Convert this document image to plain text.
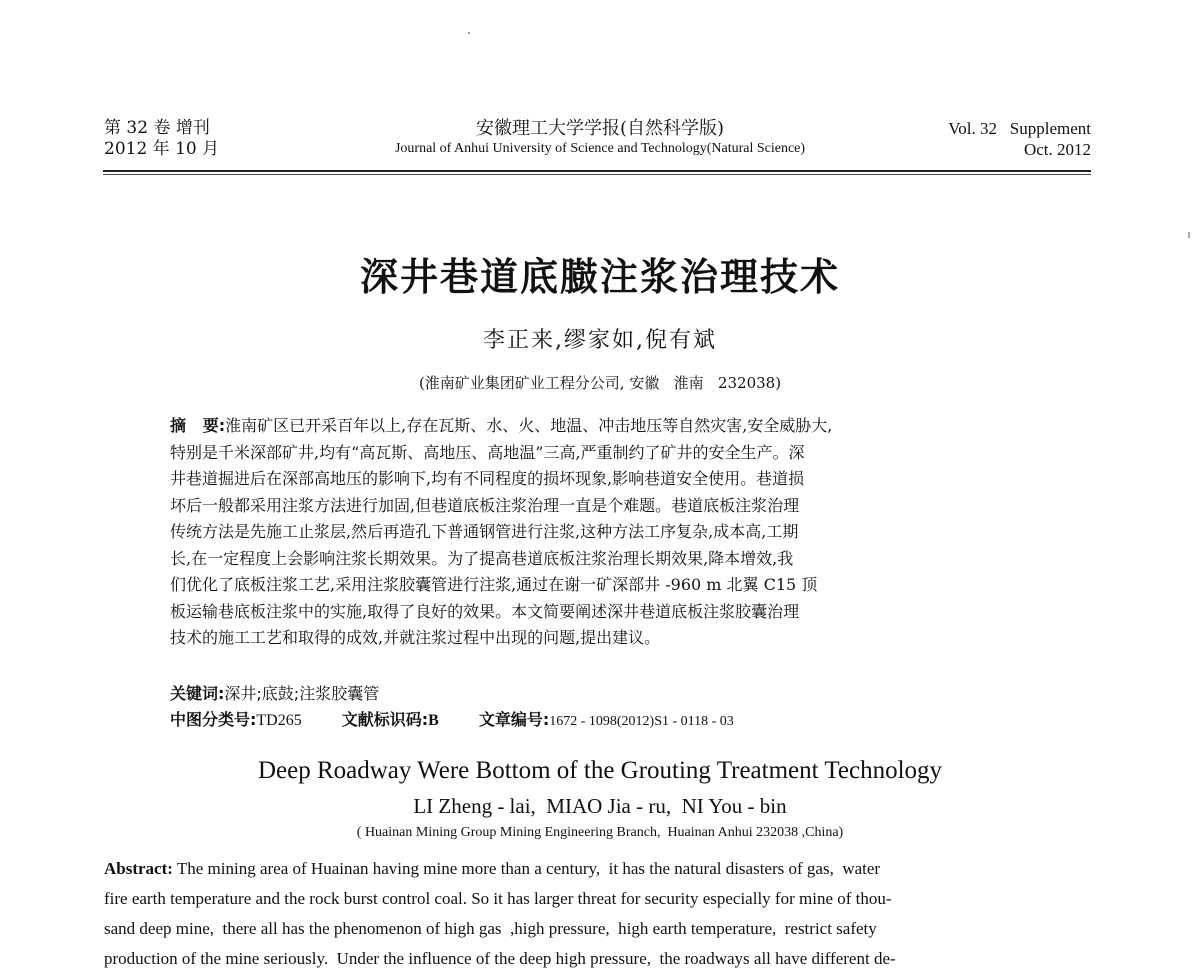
第 32 卷 增刊
2012 年 10 月
安徽理工大学学报(自然科学版)
Journal of Anhui University of Science and Technology(Natural Science)
Vol. 32   Supplement
Oct. 2012
深井巷道底臌注浆治理技术
李正来,缪家如,倪有斌
(淮南矿业集团矿业工程分公司, 安徽   淮南   232038)
摘   要:淮南矿区已开采百年以上,存在瓦斯、水、火、地温、冲击地压等自然灾害,安全威胁大,
特别是千米深部矿井,均有“高瓦斯、高地压、高地温”三高,严重制约了矿井的安全生产。深
井巷道掘进后在深部高地压的影响下,均有不同程度的损坏现象,影响巷道安全使用。巷道损
坏后一般都采用注浆方法进行加固,但巷道底板注浆治理一直是个难题。巷道底板注浆治理
传统方法是先施工止浆层,然后再造孔下普通钢管进行注浆,这种方法工序复杂,成本高,工期
长,在一定程度上会影响注浆长期效果。为了提高巷道底板注浆治理长期效果,降本增效,我
们优化了底板注浆工艺,采用注浆胶囊管进行注浆,通过在谢一矿深部井 -960 m 北翼 C15 顶
板运输巷底板注浆中的实施,取得了良好的效果。本文简要阐述深井巷道底板注浆胶囊治理
技术的施工工艺和取得的成效,并就注浆过程中出现的问题,提出建议。
关键词:深井;底鼓;注浆胶囊管
中图分类号:TD265	文献标识码:B	文章编号:1672 - 1098(2012)S1 - 0118 - 03
Deep Roadway Were Bottom of the Grouting Treatment Technology
LI Zheng - lai,  MIAO Jia - ru,  NI You - bin
( Huainan Mining Group Mining Engineering Branch,  Huainan Anhui 232038 ,China)
Abstract: The mining area of Huainan having mine more than a century,  it has the natural disasters of gas,  water
fire earth temperature and the rock burst control coal. So it has larger threat for security especially for mine of thou-
sand deep mine,  there all has the phenomenon of high gas  ,high pressure,  high earth temperature,  restrict safety
production of the mine seriously.  Under the influence of the deep high pressure,  the roadways all have different de-
